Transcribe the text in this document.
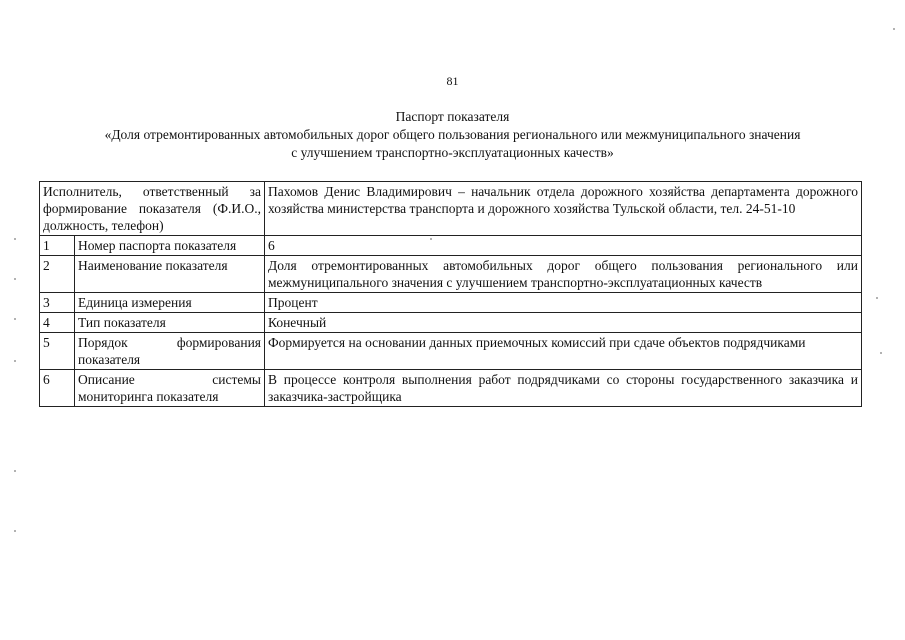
81
Паспорт показателя
«Доля отремонтированных автомобильных дорог общего пользования регионального или межмуниципального значения
с улучшением транспортно-эксплуатационных качеств»
Исполнитель, ответственный за формирование показателя (Ф.И.О., должность, телефон)		Пахомов Денис Владимирович – начальник отдела дорожного хозяйства департамента дорожного хозяйства министерства транспорта и дорожного хозяйства Тульской области, тел. 24-51-10
1	Номер паспорта показателя	6
2	Наименование показателя	Доля отремонтированных автомобильных дорог общего пользования регионального или межмуниципального значения с улучшением транспортно-эксплуатационных качеств
3	Единица измерения	Процент
4	Тип показателя	Конечный
5	Порядок формирования показателя	Формируется на основании данных приемочных комиссий при сдаче объектов подрядчиками
6	Описание системы мониторинга показателя	В процессе контроля выполнения работ подрядчиками со стороны государственного заказчика и заказчика-застройщика
